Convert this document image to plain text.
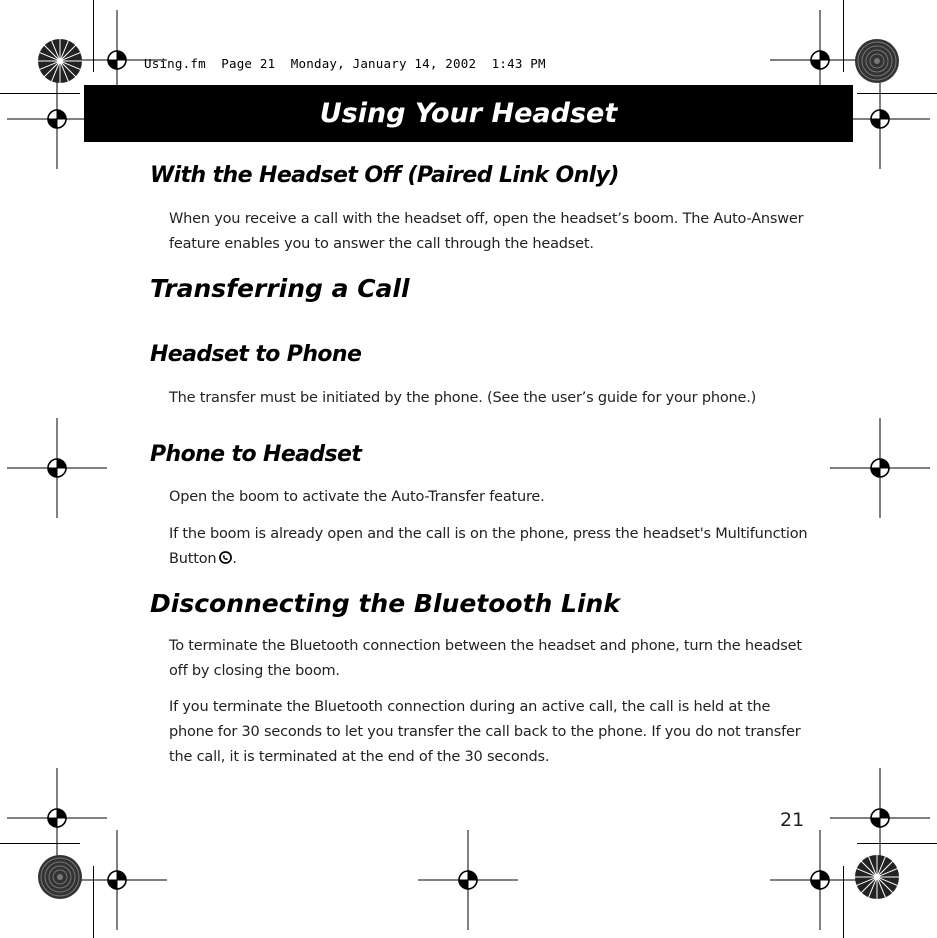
Using.fm  Page 21  Monday, January 14, 2002  1:43 PM
Using Your Headset
With the Headset Off (Paired Link Only)
When you receive a call with the headset off, open the headset’s boom. The Auto-Answer feature enables you to answer the call through the headset.
Transferring a Call
Headset to Phone
The transfer must be initiated by the phone. (See the user’s guide for your phone.)
Phone to Headset
Open the boom to activate the Auto-Transfer feature.
If the boom is already open and the call is on the phone, press the headset's Multifunction Button .
Disconnecting the Bluetooth Link
To terminate the Bluetooth connection between the headset and phone, turn the headset off by closing the boom.
If you terminate the Bluetooth connection during an active call, the call is held at the phone for 30 seconds to let you transfer the call back to the phone. If you do not transfer the call, it is terminated at the end of the 30 seconds.
21
